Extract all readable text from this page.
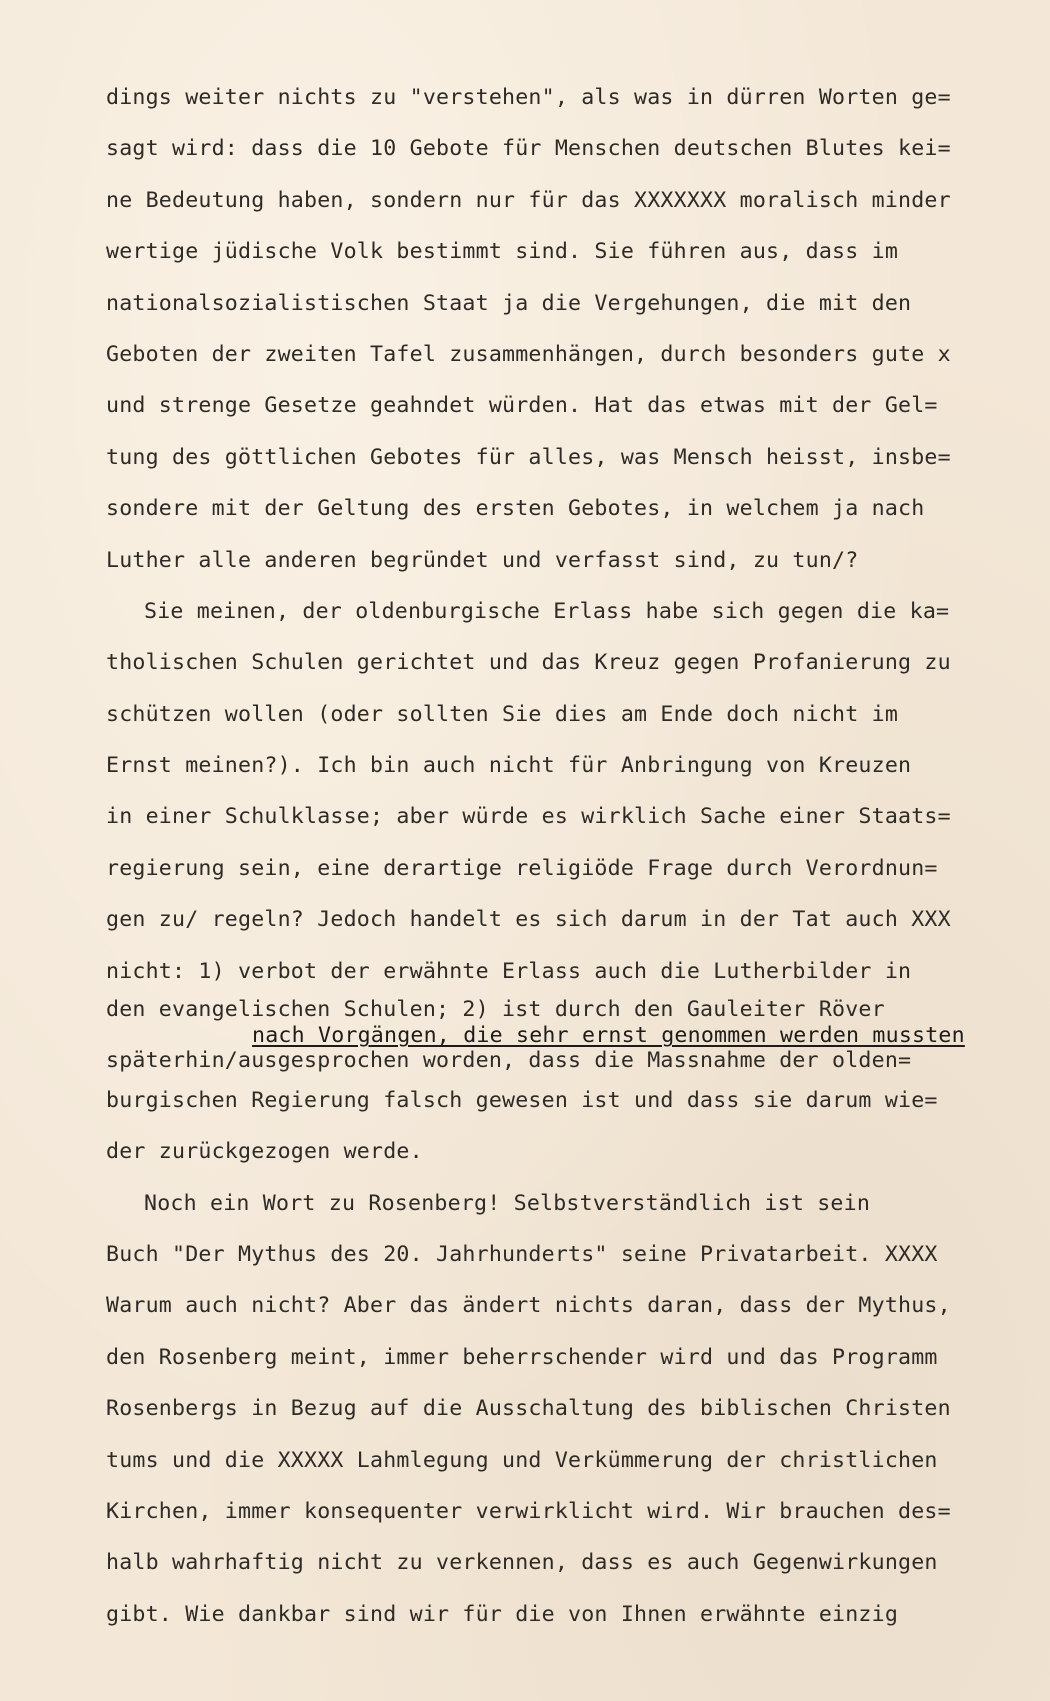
dings weiter nichts zu "verstehen", als was in dürren Worten ge=
sagt wird: dass die 10 Gebote für Menschen deutschen Blutes kei=
ne Bedeutung haben, sondern nur für das XXXXXXX moralisch minder
wertige jüdische Volk bestimmt sind. Sie führen aus, dass im
nationalsozialistischen Staat ja die Vergehungen, die mit den
Geboten der zweiten Tafel zusammenhängen, durch besonders gute x
und strenge Gesetze geahndet würden. Hat das etwas mit der Gel=
tung des göttlichen Gebotes für alles, was Mensch heisst, insbe=
sondere mit der Geltung des ersten Gebotes, in welchem ja nach
Luther alle anderen begründet und verfasst sind, zu tun/?
Sie meinen, der oldenburgische Erlass habe sich gegen die ka=
tholischen Schulen gerichtet und das Kreuz gegen Profanierung zu
schützen wollen (oder sollten Sie dies am Ende doch nicht im
Ernst meinen?). Ich bin auch nicht für Anbringung von Kreuzen
in einer Schulklasse; aber würde es wirklich Sache einer Staats=
regierung sein, eine derartige religiöde Frage durch Verordnun=
gen zu/ regeln? Jedoch handelt es sich darum in der Tat auch XXX
nicht: 1) verbot der erwähnte Erlass auch die Lutherbilder in
den evangelischen Schulen; 2) ist durch den Gauleiter Röver
nach Vorgängen, die sehr ernst genommen werden mussten
späterhin/ausgesprochen worden, dass die Massnahme der olden=
burgischen Regierung falsch gewesen ist und dass sie darum wie=
der zurückgezogen werde.
Noch ein Wort zu Rosenberg! Selbstverständlich ist sein
Buch "Der Mythus des 20. Jahrhunderts" seine Privatarbeit. XXXX
Warum auch nicht? Aber das ändert nichts daran, dass der Mythus,
den Rosenberg meint, immer beherrschender wird und das Programm
Rosenbergs in Bezug auf die Ausschaltung des biblischen Christen
tums und die XXXXX Lahmlegung und Verkümmerung der christlichen
Kirchen, immer konsequenter verwirklicht wird. Wir brauchen des=
halb wahrhaftig nicht zu verkennen, dass es auch Gegenwirkungen
gibt. Wie dankbar sind wir für die von Ihnen erwähnte einzig
